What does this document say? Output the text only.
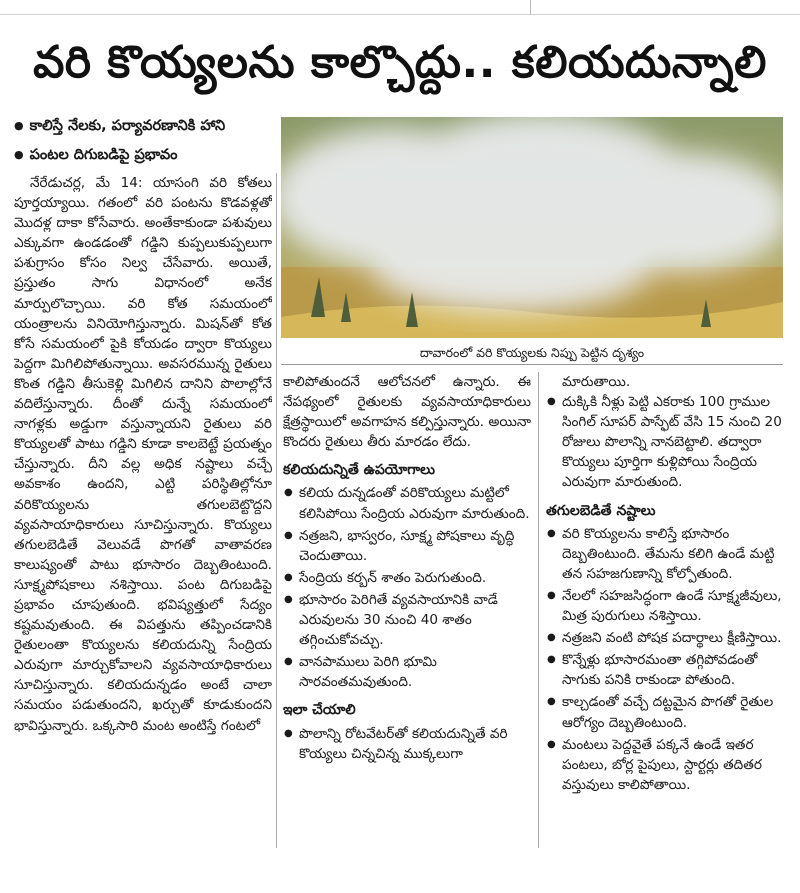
వరి కొయ్యలను కాల్చొద్దు.. కలియదున్నాలి
● కాలిస్తే నేలకు, పర్యావరణానికి హాని
● పంటల దిగుబడిపై ప్రభావం
దావారంలో వరి కొయ్యలకు నిప్పు పెట్టిన దృశ్యం

నేరేడుచర్ల, మే 14: యాసంగి వరి కోతలు పూర్తయ్యాయి. గతంలో వరి పంటను కొడవళ్లతో మొదళ్ల దాకా కోసేవారు. అంతేకాకుండా పశువులు ఎక్కువగా ఉండడంతో గడ్డిని కుప్పలుకుప్పలుగా పశుగ్రాసం కోసం నిల్వ చేసేవారు. అయితే, ప్రస్తుతం సాగు విధానంలో అనేక మార్పులొచ్చాయి. వరి కోత సమయంలో యంత్రాలను వినియోగిస్తున్నారు. మిషన్‌తో కోత కోసే సమయంలో పైకి కోయడం ద్వారా కొయ్యలు పెద్దగా మిగిలిపోతున్నాయి. అవసరమున్న రైతులు కొంత గడ్డిని తీసుకెళ్లి మిగిలిన దానిని పొలాల్లోనే వదిలేస్తున్నారు. దీంతో దున్నే సమయంలో నాగళ్లకు అడ్డుగా వస్తున్నాయని రైతులు వరి కొయ్యలతో పాటు గడ్డిని కూడా కాలబెట్టే ప్రయత్నం చేస్తున్నారు. దీని వల్ల అధిక నష్టాలు వచ్చే అవకాశం ఉందని, ఎట్టి పరిస్థితిల్లోనూ వరికొయ్యలను తగులబెట్టొద్దని వ్యవసాయాధికారులు సూచిస్తున్నారు. కొయ్యలు తగులబెడితే వెలువడే పొగతో వాతావరణ కాలుష్యంతో పాటు భూసారం దెబ్బతింటుంది. సూక్ష్మపోషకాలు నశిస్తాయి. పంట దిగుబడిపై ప్రభావం చూపుతుంది. భవిష్యత్తులో సేద్యం కష్టమవుతుంది. ఈ విపత్తును తప్పించడానికి రైతులంతా కొయ్యలను కలియదున్ని సేంద్రియ ఎరువుగా మార్చుకోవాలని వ్యవసాయాధికారులు సూచిస్తున్నారు. కలియదున్నడం అంటే చాలా సమయం పడుతుందని, ఖర్చుతో కూడుకుందని భావిస్తున్నారు. ఒక్కసారి మంట అంటిస్తే గంటలో

కాలిపోతుందనే ఆలోచనలో ఉన్నారు. ఈ నేపథ్యంలో రైతులకు వ్యవసాయాధికారులు క్షేత్రస్థాయిలో అవగాహన కల్పిస్తున్నారు. అయినా కొందరు రైతులు తీరు మారడం లేదు.

కలియదున్నితే ఉపయోగాలు
● కలియ దున్నడంతో వరికొయ్యలు మట్టిలో కలిసిపోయి సేంద్రియ ఎరువుగా మారుతుంది.
● నత్రజని, భాస్వరం, సూక్ష్మ పోషకాలు వృద్ధి చెందుతాయి.
● సేంద్రియ కర్బన్ శాతం పెరుగుతుంది.
● భూసారం పెరిగితే వ్యవసాయానికి వాడే ఎరువులను 30 నుంచి 40 శాతం తగ్గించుకోవచ్చు.
● వానపాములు పెరిగి భూమి సారవంతమవుతుంది.
ఇలా చేయాలి
● పొలాన్ని రోటవేటర్‌తో కలియదున్నితే వరి కొయ్యలు చిన్నచిన్న ముక్కలుగా

మారుతాయి.

● దుక్కికి నీళ్లు పెట్టి ఎకరాకు 100 గ్రాముల సింగిల్ సూపర్ పాస్ఫేట్ వేసి 15 నుంచి 20 రోజులు పొలాన్ని నానబెట్టాలి. తద్వారా కొయ్యలు పూర్తిగా కుళ్లిపోయి సేంద్రియ ఎరువుగా మారుతుంది.
తగులబెడితే నష్టాలు
● వరి కొయ్యలను కాలిస్తే భూసారం దెబ్బతింటుంది. తేమను కలిగి ఉండే మట్టి తన సహజగుణాన్ని కోల్పోతుంది.
● నేలలో సహజసిద్ధంగా ఉండే సూక్ష్మజీవులు, మిత్ర పురుగులు నశిస్తాయి.
● నత్రజని వంటి పోషక పదార్థాలు క్షీణిస్తాయి.
● కొన్నేళ్లు భూసారమంతా తగ్గిపోవడంతో సాగుకు పనికి రాకుండా పోతుంది.
● కాల్చడంతో వచ్చే దట్టమైన పొగతో రైతుల ఆరోగ్యం దెబ్బతింటుంది.
● మంటలు పెద్దవైతే పక్కనే ఉండే ఇతర పంటలు, బోర్ల పైపులు, స్టార్టర్లు తదితర వస్తువులు కాలిపోతాయి.
